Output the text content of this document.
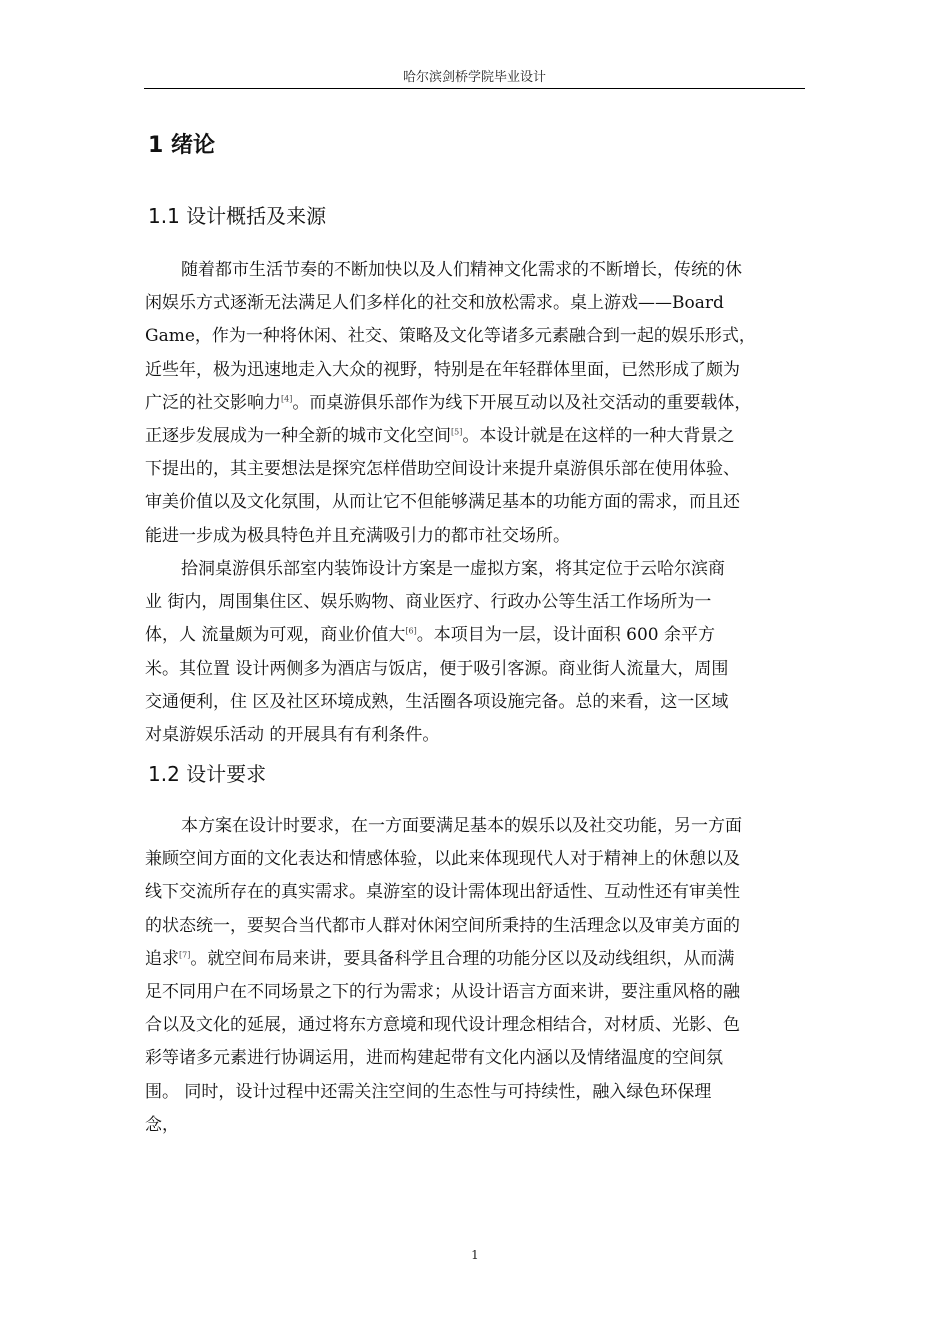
哈尔滨剑桥学院毕业设计
1 绪论
1.1 设计概括及来源
随着都市生活节奏的不断加快以及人们精神文化需求的不断增长，传统的休
闲娱乐方式逐渐无法满足人们多样化的社交和放松需求。桌上游戏——Board
Game，作为一种将休闲、社交、策略及文化等诸多元素融合到一起的娱乐形式，
近些年，极为迅速地走入大众的视野，特别是在年轻群体里面，已然形成了颇为
广泛的社交影响力[4]。而桌游俱乐部作为线下开展互动以及社交活动的重要载体，
正逐步发展成为一种全新的城市文化空间[5]。本设计就是在这样的一种大背景之
下提出的，其主要想法是探究怎样借助空间设计来提升桌游俱乐部在使用体验、
审美价值以及文化氛围，从而让它不但能够满足基本的功能方面的需求，而且还
能进一步成为极具特色并且充满吸引力的都市社交场所。
拾洞桌游俱乐部室内装饰设计方案是一虚拟方案，将其定位于云哈尔滨商
业 街内，周围集住区、娱乐购物、商业医疗、行政办公等生活工作场所为一
体，人 流量颇为可观，商业价值大[6]。本项目为一层，设计面积 600 余平方
米。其位置 设计两侧多为酒店与饭店，便于吸引客源。商业街人流量大，周围
交通便利，住 区及社区环境成熟，生活圈各项设施完备。总的来看，这一区域
对桌游娱乐活动 的开展具有有利条件。
1.2 设计要求
本方案在设计时要求，在一方面要满足基本的娱乐以及社交功能，另一方面
兼顾空间方面的文化表达和情感体验，以此来体现现代人对于精神上的休憩以及
线下交流所存在的真实需求。桌游室的设计需体现出舒适性、互动性还有审美性
的状态统一，要契合当代都市人群对休闲空间所秉持的生活理念以及审美方面的
追求[7]。就空间布局来讲，要具备科学且合理的功能分区以及动线组织，从而满
足不同用户在不同场景之下的行为需求；从设计语言方面来讲，要注重风格的融
合以及文化的延展，通过将东方意境和现代设计理念相结合，对材质、光影、色
彩等诸多元素进行协调运用，进而构建起带有文化内涵以及情绪温度的空间氛
围。 同时，设计过程中还需关注空间的生态性与可持续性，融入绿色环保理
念，
1
